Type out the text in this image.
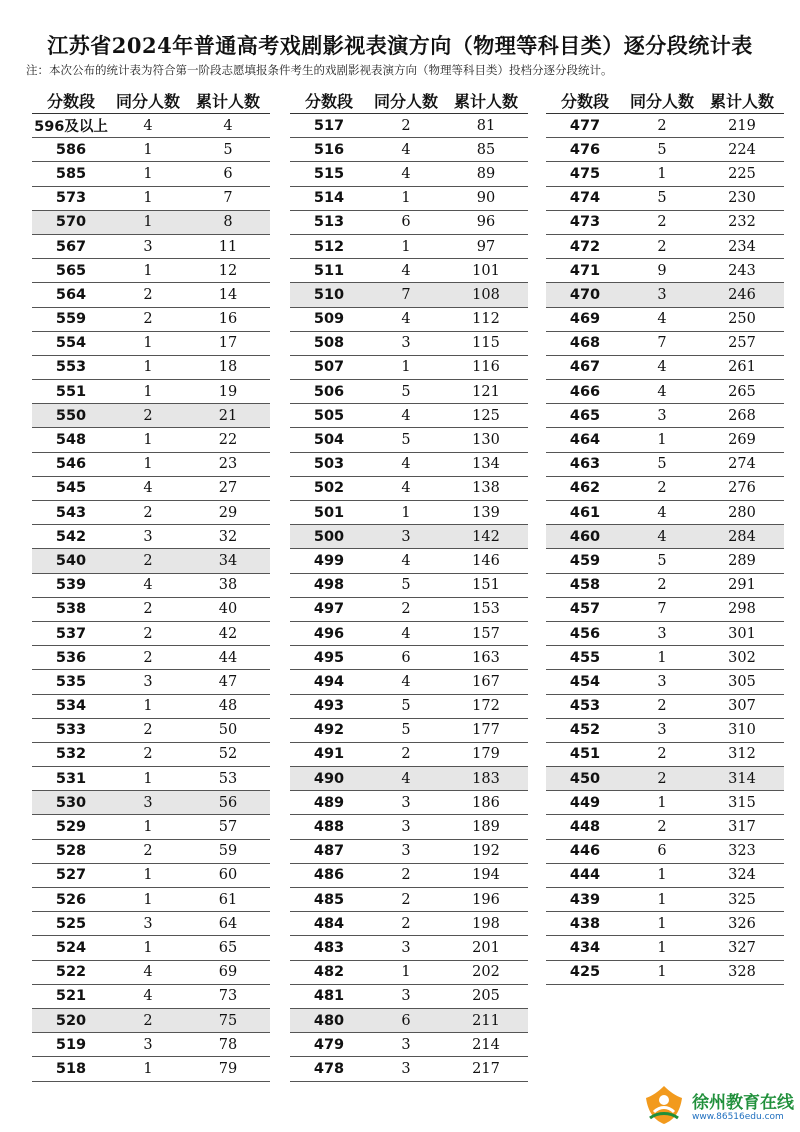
江苏省2024年普通高考戏剧影视表演方向（物理等科目类）逐分段统计表
注：本次公布的统计表为符合第一阶段志愿填报条件考生的戏剧影视表演方向（物理等科目类）投档分逐分段统计。
分数段	同分人数 累计人数
596及以上	4	4
586	1	5
585	1	6
573	1	7
570	1	8
567	3	11
565	1	12
564	2	14
559	2	16
554	1	17
553	1	18
551	1	19
550	2	21
548	1	22
546	1	23
545	4	27
543	2	29
542	3	32
540	2	34
539	4	38
538	2	40
537	2	42
536	2	44
535	3	47
534	1	48
533	2	50
532	2	52
531	1	53
530	3	56
529	1	57
528	2	59
527	1	60
526	1	61
525	3	64
524	1	65
522	4	69
521	4	73
520	2	75
519	3	78
518	1	79
分数段	同分人数 累计人数
517	2	81
516	4	85
515	4	89
514	1	90
513	6	96
512	1	97
511	4	101
510	7	108
509	4	112
508	3	115
507	1	116
506	5	121
505	4	125
504	5	130
503	4	134
502	4	138
501	1	139
500	3	142
499	4	146
498	5	151
497	2	153
496	4	157
495	6	163
494	4	167
493	5	172
492	5	177
491	2	179
490	4	183
489	3	186
488	3	189
487	3	192
486	2	194
485	2	196
484	2	198
483	3	201
482	1	202
481	3	205
480	6	211
479	3	214
478	3	217
分数段	同分人数 累计人数
477	2	219
476	5	224
475	1	225
474	5	230
473	2	232
472	2	234
471	9	243
470	3	246
469	4	250
468	7	257
467	4	261
466	4	265
465	3	268
464	1	269
463	5	274
462	2	276
461	4	280
460	4	284
459	5	289
458	2	291
457	7	298
456	3	301
455	1	302
454	3	305
453	2	307
452	3	310
451	2	312
450	2	314
449	1	315
448	2	317
446	6	323
444	1	324
439	1	325
438	1	326
434	1	327
425	1	328
徐州教育在线
www.86516edu.com
